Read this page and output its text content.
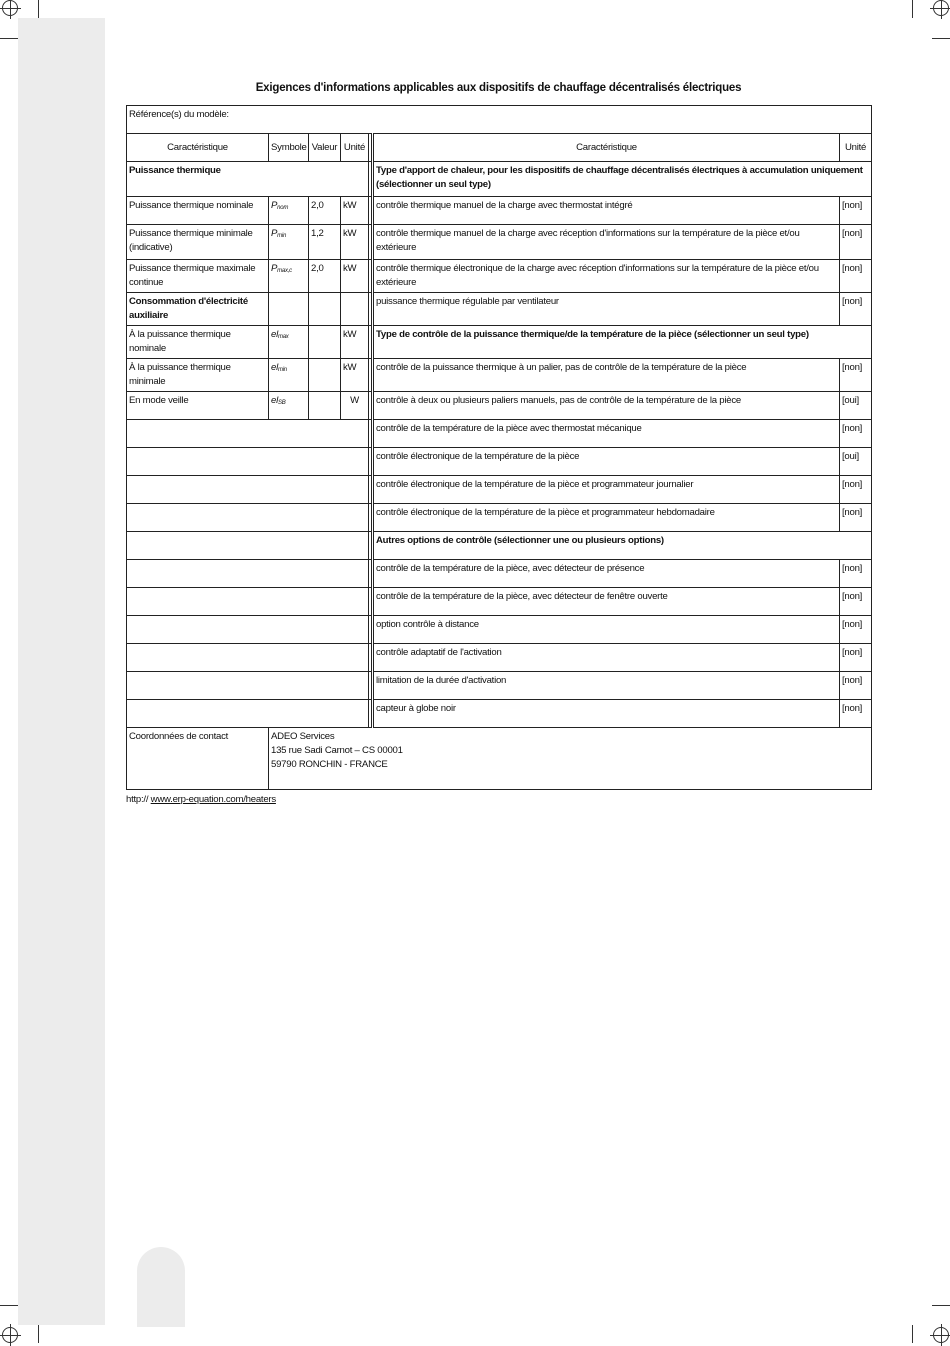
Exigences d'informations applicables aux dispositifs de chauffage décentralisés électriques
Référence(s) du modèle:						
Caractéristique	Symbole	Valeur	Unité		Caractéristique	Unité
Puissance thermique					Type d'apport de chaleur, pour les dispositifs de chauffage décentralisés électriques à accumulation uniquement (sélectionner un seul type)	
Puissance thermique nominale	Pnom	2,0	kW		contrôle thermique manuel de la charge avec thermostat intégré	[non]
Puissance thermique minimale (indicative)	Pmin	1,2	kW		contrôle thermique manuel de la charge avec réception d'informations sur la température de la pièce et/ou extérieure	[non]
Puissance thermique maximale continue	Pmax,c	2,0	kW		contrôle thermique électronique de la charge avec réception d'informations sur la température de la pièce et/ou extérieure	[non]
Consommation d'électricité auxiliaire					puissance thermique régulable par ventilateur	[non]
À la puissance thermique nominale	elmax		kW		Type de contrôle de la puissance thermique/de la température de la pièce (sélectionner un seul type)	
À la puissance thermique minimale	elmin		kW		contrôle de la puissance thermique à un palier, pas de contrôle de la température de la pièce	[non]
En mode veille	elSB		W		contrôle à deux ou plusieurs paliers manuels, pas de contrôle de la température de la pièce	[oui]
					contrôle de la température de la pièce avec thermostat mécanique	[non]
					contrôle électronique de la température de la pièce	[oui]
					contrôle électronique de la température de la pièce et programmateur journalier	[non]
					contrôle électronique de la température de la pièce et programmateur hebdomadaire	[non]
					Autres options de contrôle (sélectionner une ou plusieurs options)	
					contrôle de la température de la pièce, avec détecteur de présence	[non]
					contrôle de la température de la pièce, avec détecteur de fenêtre ouverte	[non]
					option contrôle à distance	[non]
					contrôle adaptatif de l'activation	[non]
					limitation de la durée d'activation	[non]
					capteur à globe noir	[non]
Coordonnées de contact	ADEO Services
135 rue Sadi Carnot – CS 00001
59790 RONCHIN - FRANCE					
http:// www.erp-equation.com/heaters
